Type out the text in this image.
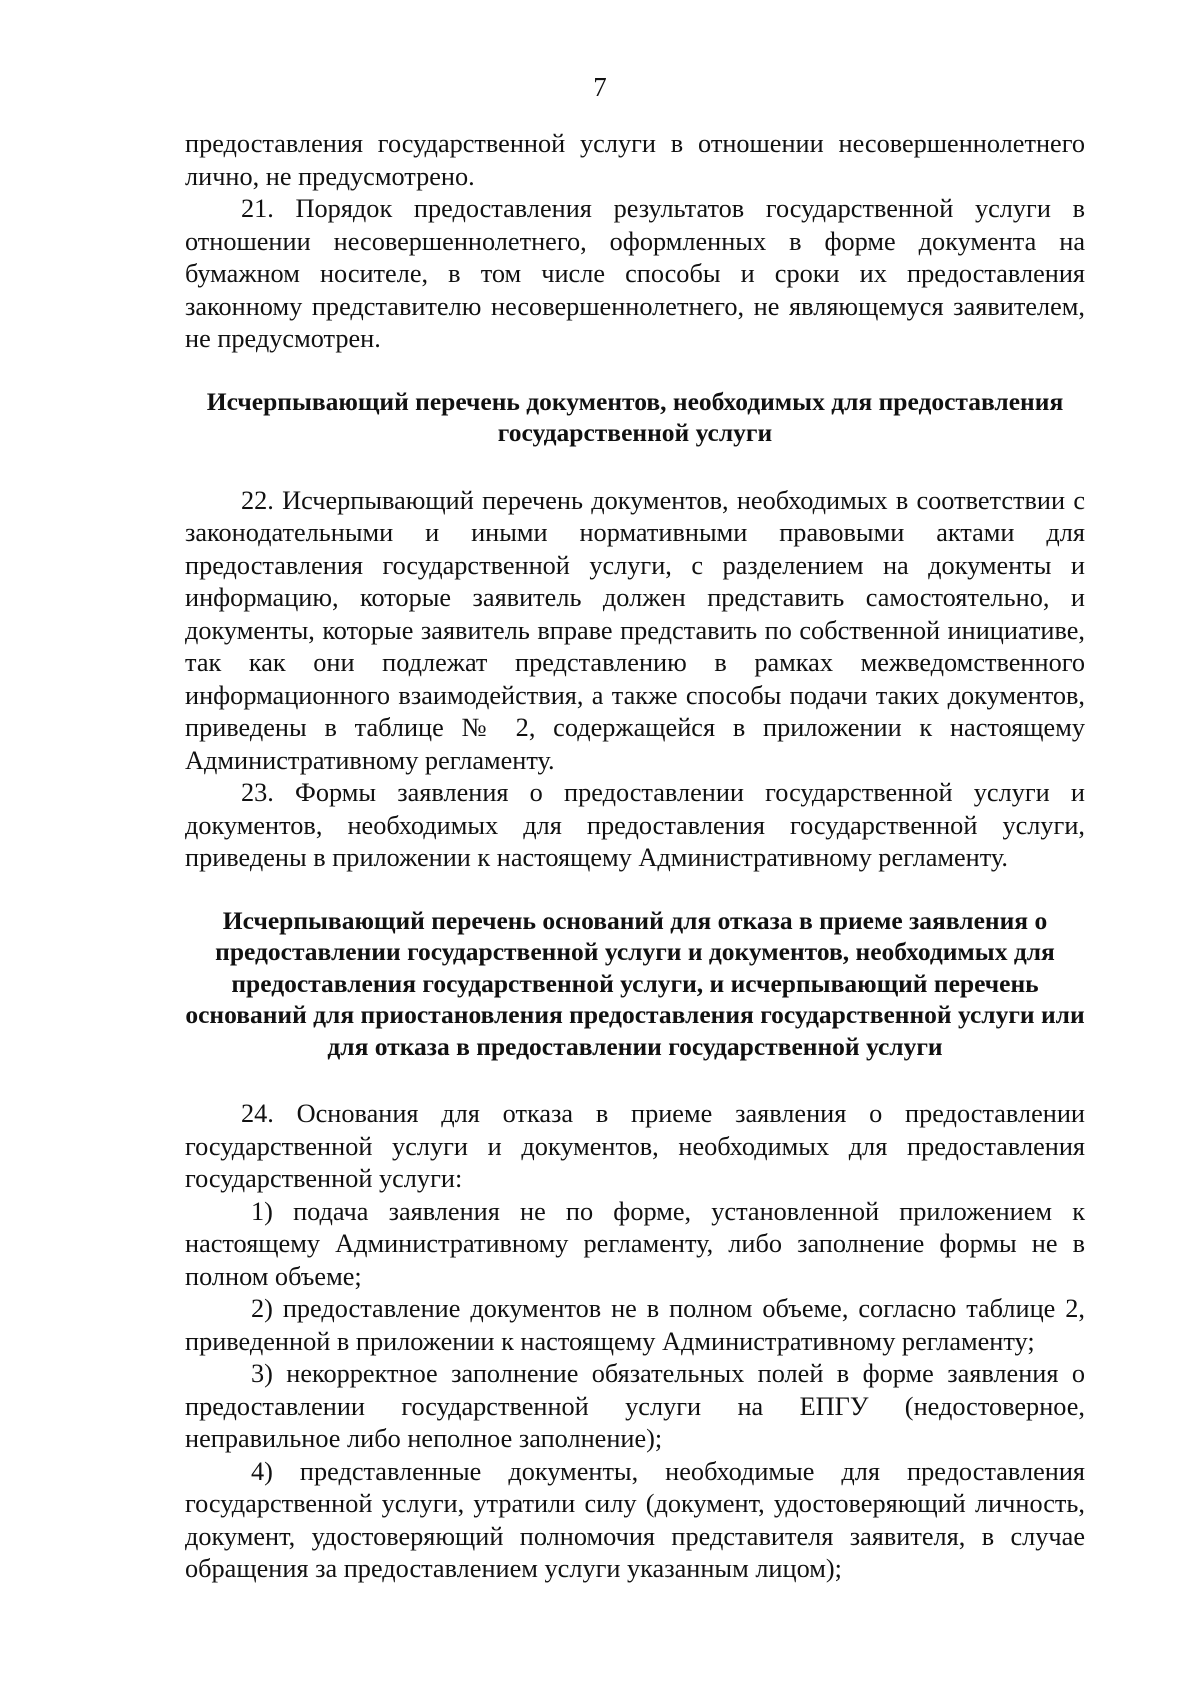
7

предоставления государственной услуги в отношении несовершеннолетнего лично, не предусмотрено.

21. Порядок предоставления результатов государственной услуги в отношении несовершеннолетнего, оформленных в форме документа на бумажном носителе, в том числе способы и сроки их предоставления законному представителю несовершеннолетнего, не являющемуся заявителем, не предусмотрен.

Исчерпывающий перечень документов, необходимых для предоставления
государственной услуги

22. Исчерпывающий перечень документов, необходимых в соответствии с законодательными и иными нормативными правовыми актами для предоставления государственной услуги, с разделением на документы и информацию, которые заявитель должен представить самостоятельно, и документы, которые заявитель вправе представить по собственной инициативе, так как они подлежат представлению в рамках межведомственного информационного взаимодействия, а также способы подачи таких документов, приведены в таблице № 2, содержащейся в приложении к настоящему Административному регламенту.

23. Формы заявления о предоставлении государственной услуги и документов, необходимых для предоставления государственной услуги, приведены в приложении к настоящему Административному регламенту.

Исчерпывающий перечень оснований для отказа в приеме заявления о
предоставлении государственной услуги и документов, необходимых для
предоставления государственной услуги, и исчерпывающий перечень
оснований для приостановления предоставления государственной услуги или
для отказа в предоставлении государственной услуги

24. Основания для отказа в приеме заявления о предоставлении государственной услуги и документов, необходимых для предоставления государственной услуги:

1) подача заявления не по форме, установленной приложением к настоящему Административному регламенту, либо заполнение формы не в полном объеме;

2) предоставление документов не в полном объеме, согласно таблице 2, приведенной в приложении к настоящему Административному регламенту;

3) некорректное заполнение обязательных полей в форме заявления о предоставлении государственной услуги на ЕПГУ (недостоверное, неправильное либо неполное заполнение);

4) представленные документы, необходимые для предоставления государственной услуги, утратили силу (документ, удостоверяющий личность, документ, удостоверяющий полномочия представителя заявителя, в случае обращения за предоставлением услуги указанным лицом);
